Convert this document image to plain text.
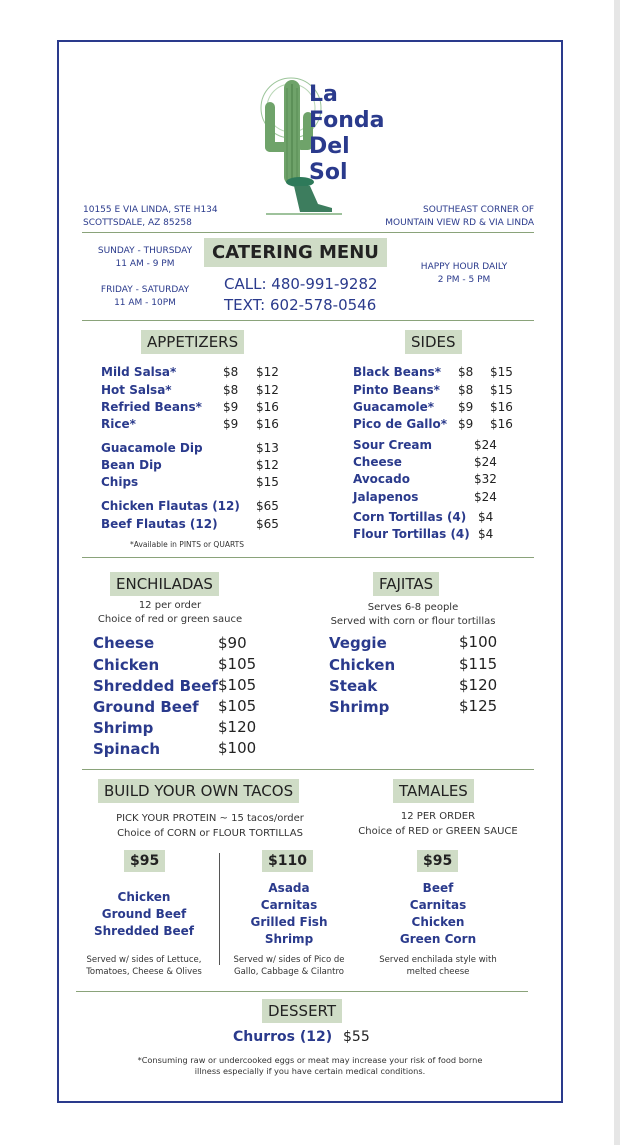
La
Fonda
Del
Sol
10155 E VIA LINDA, STE H134
SCOTTSDALE, AZ 85258
SOUTHEAST CORNER OF
MOUNTAIN VIEW RD & VIA LINDA
SUNDAY - THURSDAY
11 AM - 9 PM
FRIDAY - SATURDAY
11 AM - 10PM
CATERING MENU
CALL: 480-991-9282
TEXT: 602-578-0546
HAPPY HOUR DAILY
2 PM - 5 PM
APPETIZERS
Mild Salsa*	$8 $12
Hot Salsa*	$8 $12
Refried Beans* $9 $16
Rice*	$9 $16
Guacamole Dip	$13
Bean Dip	$12
Chips	$15
Chicken Flautas (12) $65
Beef Flautas (12)	$65
*Available in PINTS or QUARTS
SIDES
Black Beans* $8 $15
Pinto Beans* $8 $15
Guacamole* $9 $16
Pico de Gallo* $9 $16
Sour Cream	$24
Cheese	$24
Avocado	$32
Jalapenos	$24
Corn Tortillas (4) $4
Flour Tortillas (4) $4
ENCHILADAS
12 per order
Choice of red or green sauce
Cheese	$90
Chicken	$105
Shredded Beef $105
Ground Beef $105
Shrimp	$120
Spinach	$100
FAJITAS
Serves 6-8 people
Served with corn or flour tortillas
Veggie	$100
Chicken	$115
Steak	$120
Shrimp	$125
BUILD YOUR OWN TACOS
PICK YOUR PROTEIN ~ 15 tacos/order
Choice of CORN or FLOUR TORTILLAS
$95	$110
Chicken
Ground Beef
Shredded Beef
Asada
Carnitas
Grilled Fish
Shrimp
Served w/ sides of Lettuce,
Tomatoes, Cheese & Olives
Served w/ sides of Pico de
Gallo, Cabbage & Cilantro
TAMALES
12 PER ORDER
Choice of RED or GREEN SAUCE
$95
Beef
Carnitas
Chicken
Green Corn
Served enchilada style with
melted cheese
DESSERT
Churros (12) $55
*Consuming raw or undercooked eggs or meat may increase your risk of food borne
illness especially if you have certain medical conditions.
